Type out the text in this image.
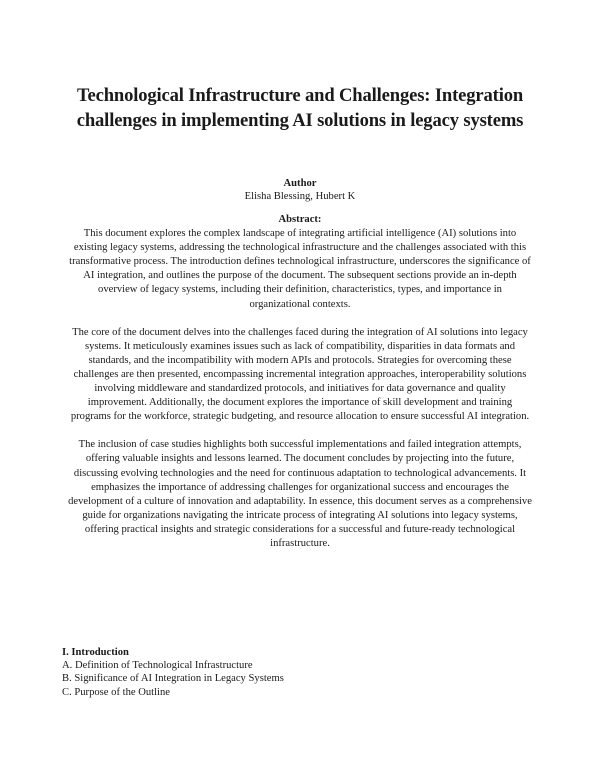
Technological Infrastructure and Challenges: Integration challenges in implementing AI solutions in legacy systems
Author
Elisha Blessing, Hubert K
Abstract:

This document explores the complex landscape of integrating artificial intelligence (AI) solutions into existing legacy systems, addressing the technological infrastructure and the challenges associated with this transformative process. The introduction defines technological infrastructure, underscores the significance of AI integration, and outlines the purpose of the document. The subsequent sections provide an in-depth overview of legacy systems, including their definition, characteristics, types, and importance in organizational contexts.

The core of the document delves into the challenges faced during the integration of AI solutions into legacy systems. It meticulously examines issues such as lack of compatibility, disparities in data formats and standards, and the incompatibility with modern APIs and protocols. Strategies for overcoming these challenges are then presented, encompassing incremental integration approaches, interoperability solutions involving middleware and standardized protocols, and initiatives for data governance and quality improvement. Additionally, the document explores the importance of skill development and training programs for the workforce, strategic budgeting, and resource allocation to ensure successful AI integration.

The inclusion of case studies highlights both successful implementations and failed integration attempts, offering valuable insights and lessons learned. The document concludes by projecting into the future, discussing evolving technologies and the need for continuous adaptation to technological advancements. It emphasizes the importance of addressing challenges for organizational success and encourages the development of a culture of innovation and adaptability. In essence, this document serves as a comprehensive guide for organizations navigating the intricate process of integrating AI solutions into legacy systems, offering practical insights and strategic considerations for a successful and future-ready technological infrastructure.

I. Introduction
A. Definition of Technological Infrastructure
B. Significance of AI Integration in Legacy Systems
C. Purpose of the Outline
